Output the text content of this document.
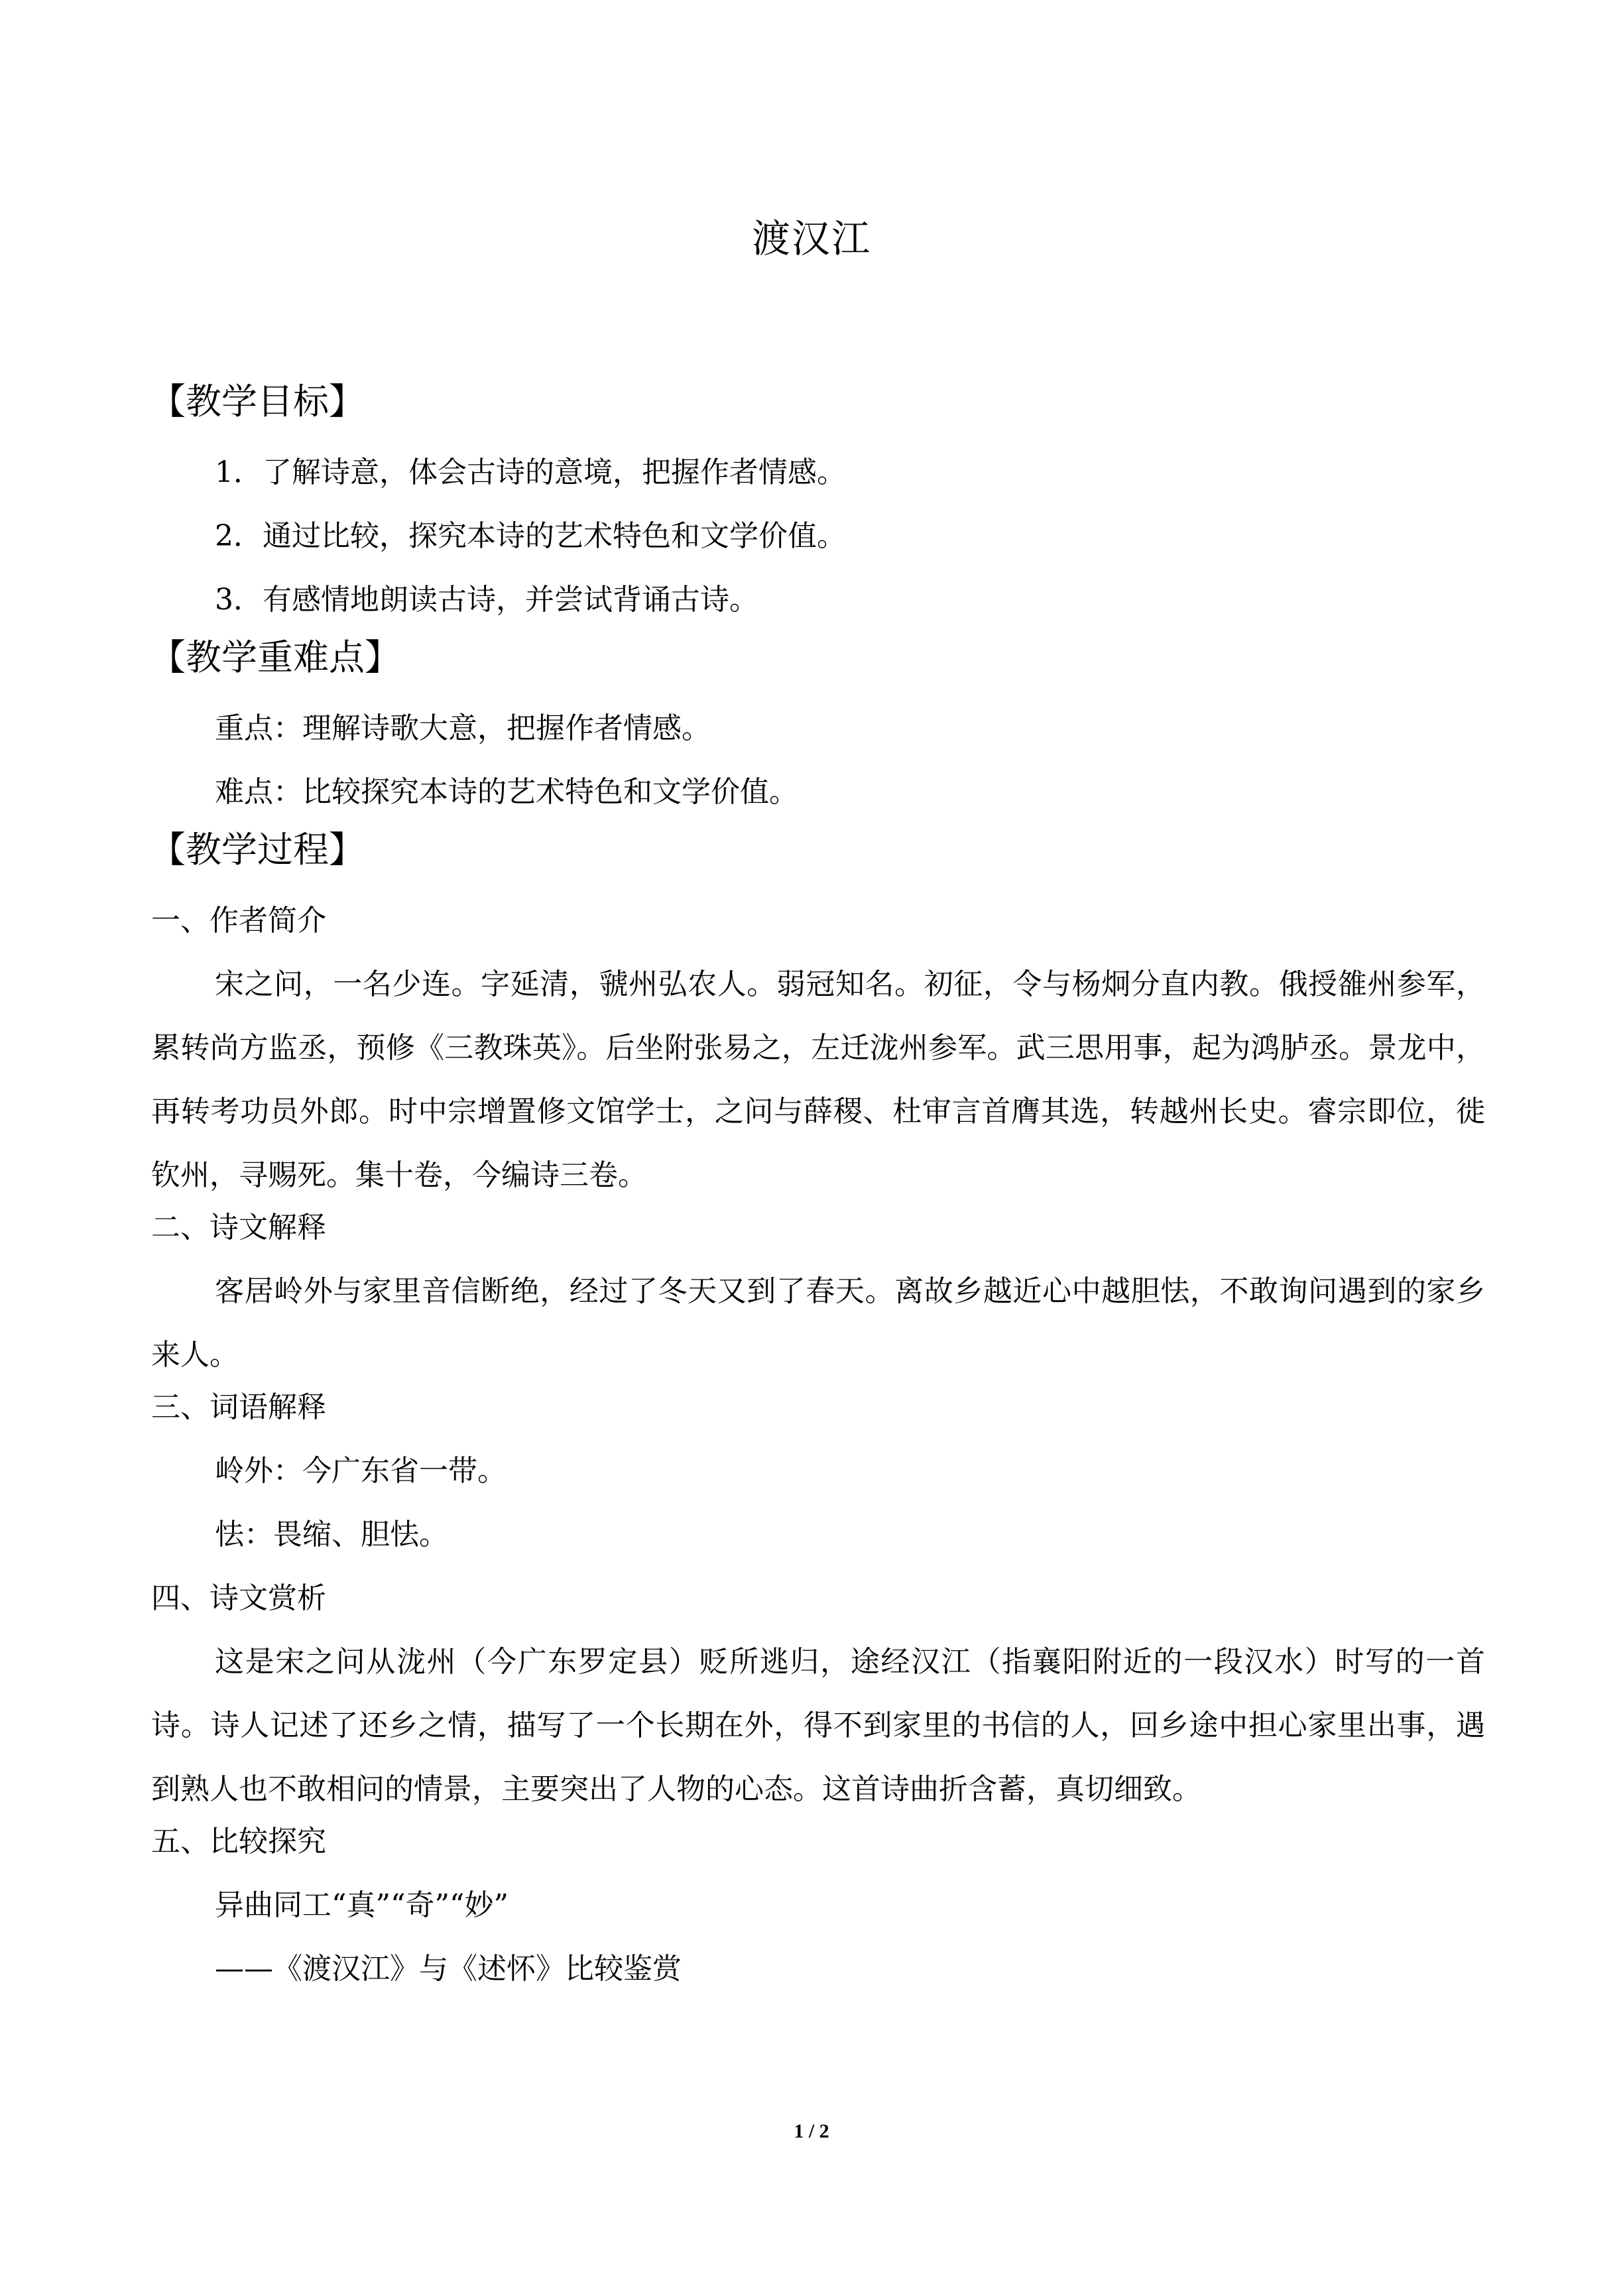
渡汉江
【教学目标】
1．了解诗意，体会古诗的意境，把握作者情感。
2．通过比较，探究本诗的艺术特色和文学价值。
3．有感情地朗读古诗，并尝试背诵古诗。
【教学重难点】
重点：理解诗歌大意，把握作者情感。
难点：比较探究本诗的艺术特色和文学价值。
【教学过程】
一、作者简介
宋之问，一名少连。字延清，虢州弘农人。弱冠知名。初征，令与杨炯分直内教。俄授雒州参军，累转尚方监丞，预修《三教珠英》。后坐附张易之，左迁泷州参军。武三思用事，起为鸿胪丞。景龙中，再转考功员外郎。时中宗增置修文馆学士，之问与薛稷、杜审言首膺其选，转越州长史。睿宗即位，徙钦州，寻赐死。集十卷，今编诗三卷。
二、诗文解释
客居岭外与家里音信断绝，经过了冬天又到了春天。离故乡越近心中越胆怯，不敢询问遇到的家乡来人。
三、词语解释
岭外：今广东省一带。
怯：畏缩、胆怯。
四、诗文赏析
这是宋之问从泷州（今广东罗定县）贬所逃归，途经汉江（指襄阳附近的一段汉水）时写的一首诗。诗人记述了还乡之情，描写了一个长期在外，得不到家里的书信的人，回乡途中担心家里出事，遇到熟人也不敢相问的情景，主要突出了人物的心态。这首诗曲折含蓄，真切细致。
五、比较探究
异曲同工“真”“奇”“妙”
——《渡汉江》与《述怀》比较鉴赏
1 / 2
